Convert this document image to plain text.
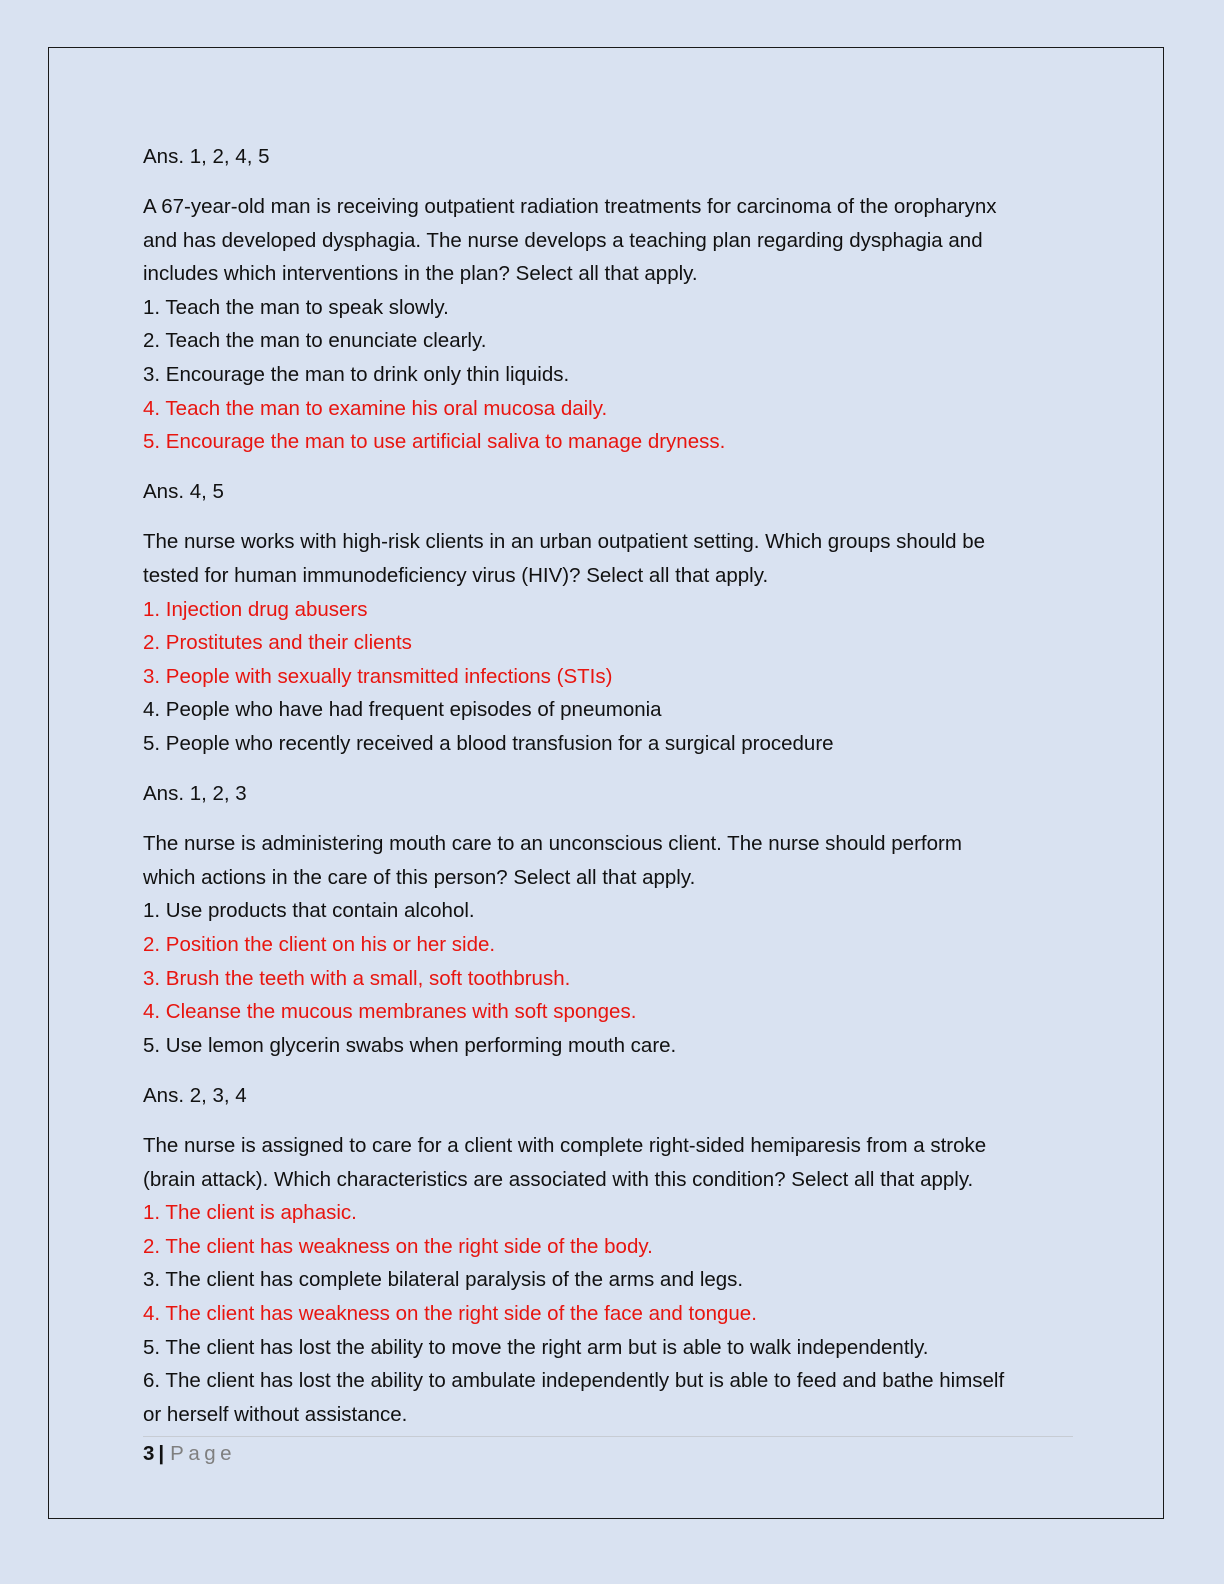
Ans. 1, 2, 4, 5

A 67-year-old man is receiving outpatient radiation treatments for carcinoma of the oropharynx
and has developed dysphagia. The nurse develops a teaching plan regarding dysphagia and
includes which interventions in the plan? Select all that apply.
1. Teach the man to speak slowly.
2. Teach the man to enunciate clearly.
3. Encourage the man to drink only thin liquids.
4. Teach the man to examine his oral mucosa daily.
5. Encourage the man to use artificial saliva to manage dryness.

Ans. 4, 5

The nurse works with high-risk clients in an urban outpatient setting. Which groups should be
tested for human immunodeficiency virus (HIV)? Select all that apply.
1. Injection drug abusers
2. Prostitutes and their clients
3. People with sexually transmitted infections (STIs)
4. People who have had frequent episodes of pneumonia
5. People who recently received a blood transfusion for a surgical procedure

Ans. 1, 2, 3

The nurse is administering mouth care to an unconscious client. The nurse should perform
which actions in the care of this person? Select all that apply.
1. Use products that contain alcohol.
2. Position the client on his or her side.
3. Brush the teeth with a small, soft toothbrush.
4. Cleanse the mucous membranes with soft sponges.
5. Use lemon glycerin swabs when performing mouth care.

Ans. 2, 3, 4

The nurse is assigned to care for a client with complete right-sided hemiparesis from a stroke
(brain attack). Which characteristics are associated with this condition? Select all that apply.
1. The client is aphasic.
2. The client has weakness on the right side of the body.
3. The client has complete bilateral paralysis of the arms and legs.
4. The client has weakness on the right side of the face and tongue.
5. The client has lost the ability to move the right arm but is able to walk independently.
6. The client has lost the ability to ambulate independently but is able to feed and bathe himself
or herself without assistance.
3 | Page
